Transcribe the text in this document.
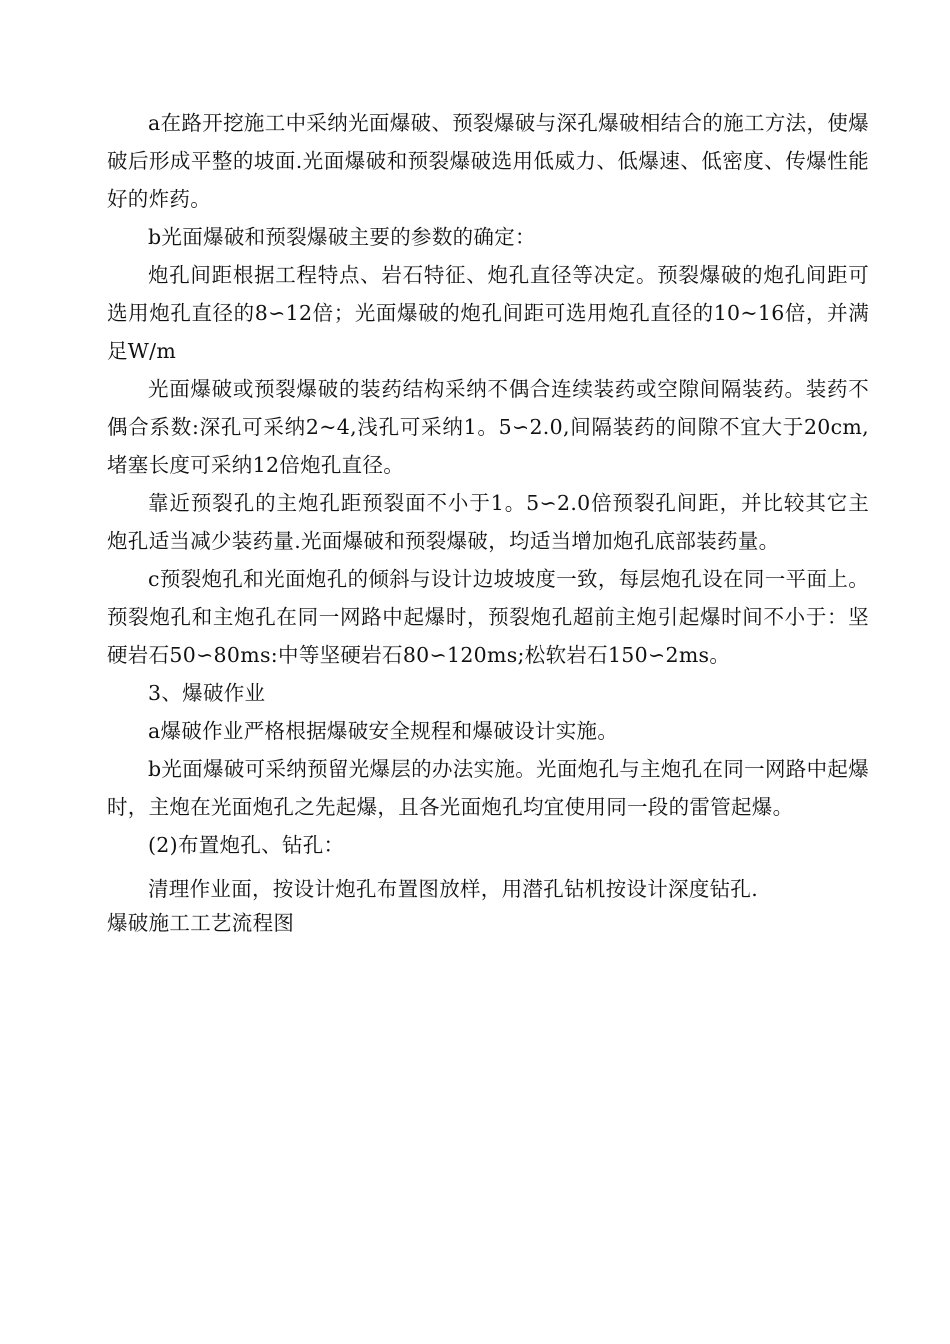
a在路开挖施工中采纳光面爆破、预裂爆破与深孔爆破相结合的施工方法，使爆破后形成平整的坡面.光面爆破和预裂爆破选用低威力、低爆速、低密度、传爆性能好的炸药。

b光面爆破和预裂爆破主要的参数的确定：

炮孔间距根据工程特点、岩石特征、炮孔直径等决定。预裂爆破的炮孔间距可选用炮孔直径的8∽12倍；光面爆破的炮孔间距可选用炮孔直径的10~16倍，并满足W/m

光面爆破或预裂爆破的装药结构采纳不偶合连续装药或空隙间隔装药。装药不偶合系数:深孔可采纳2~4,浅孔可采纳1。5∽2.0,间隔装药的间隙不宜大于20cm,堵塞长度可采纳12倍炮孔直径。

靠近预裂孔的主炮孔距预裂面不小于1。5∽2.0倍预裂孔间距，并比较其它主炮孔适当减少装药量.光面爆破和预裂爆破，均适当增加炮孔底部装药量。

c预裂炮孔和光面炮孔的倾斜与设计边坡坡度一致，每层炮孔设在同一平面上。预裂炮孔和主炮孔在同一网路中起爆时，预裂炮孔超前主炮引起爆时间不小于：坚硬岩石50∽80ms:中等坚硬岩石80∽120ms;松软岩石150∽2ms。

3、爆破作业

a爆破作业严格根据爆破安全规程和爆破设计实施。

b光面爆破可采纳预留光爆层的办法实施。光面炮孔与主炮孔在同一网路中起爆时，主炮在光面炮孔之先起爆，且各光面炮孔均宜使用同一段的雷管起爆。

(2)布置炮孔、钻孔：

清理作业面，按设计炮孔布置图放样，用潜孔钻机按设计深度钻孔.

爆破施工工艺流程图
